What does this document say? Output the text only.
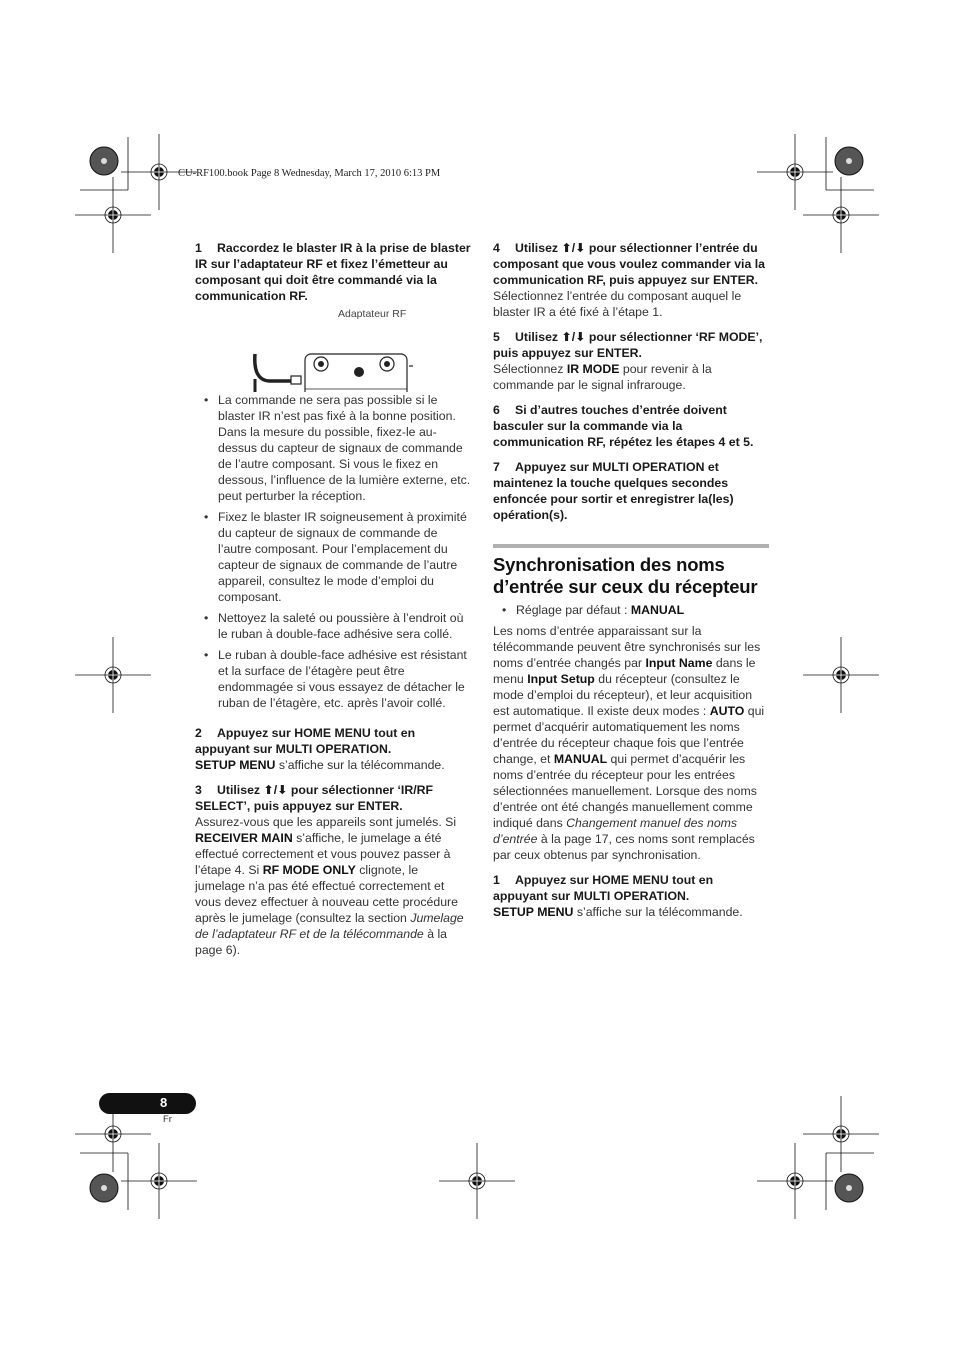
CU-RF100.book Page 8 Wednesday, March 17, 2010 6:13 PM

1 Raccordez le blaster IR à la prise de blaster IR sur l’adaptateur RF et fixez l’émetteur au composant qui doit être commandé via la communication RF.

Adaptateur RF
• La commande ne sera pas possible si le blaster IR n’est pas fixé à la bonne position. Dans la mesure du possible, fixez-le au-dessus du capteur de signaux de commande de l’autre composant. Si vous le fixez en dessous, l’influence de la lumière externe, etc. peut perturber la réception.
• Fixez le blaster IR soigneusement à proximité du capteur de signaux de commande de l’autre composant. Pour l’emplacement du capteur de signaux de commande de l’autre appareil, consultez le mode d’emploi du composant.
• Nettoyez la saleté ou poussière à l’endroit où le ruban à double-face adhésive sera collé.
• Le ruban à double-face adhésive est résistant et la surface de l’étagère peut être endommagée si vous essayez de détacher le ruban de l’étagère, etc. après l’avoir collé.

2 Appuyez sur HOME MENU tout en appuyant sur MULTI OPERATION.

SETUP MENU s’affiche sur la télécommande.

3 Utilisez ⬆/⬇ pour sélectionner ‘IR/RF SELECT’, puis appuyez sur ENTER.

Assurez-vous que les appareils sont jumelés. Si RECEIVER MAIN s’affiche, le jumelage a été effectué correctement et vous pouvez passer à l’étape 4. Si RF MODE ONLY clignote, le jumelage n’a pas été effectué correctement et vous devez effectuer à nouveau cette procédure après le jumelage (consultez la section Jumelage de l’adaptateur RF et de la télécommande à la page 6).

4 Utilisez ⬆/⬇ pour sélectionner l’entrée du composant que vous voulez commander via la communication RF, puis appuyez sur ENTER.

Sélectionnez l’entrée du composant auquel le blaster IR a été fixé à l’étape 1.

5 Utilisez ⬆/⬇ pour sélectionner ‘RF MODE’, puis appuyez sur ENTER.

Sélectionnez IR MODE pour revenir à la commande par le signal infrarouge.

6 Si d’autres touches d’entrée doivent basculer sur la commande via la communication RF, répétez les étapes 4 et 5.

7 Appuyez sur MULTI OPERATION et maintenez la touche quelques secondes enfoncée pour sortir et enregistrer la(les) opération(s).

Synchronisation des noms d’entrée sur ceux du récepteur
• Réglage par défaut : MANUAL

Les noms d’entrée apparaissant sur la télécommande peuvent être synchronisés sur les noms d’entrée changés par Input Name dans le menu Input Setup du récepteur (consultez le mode d’emploi du récepteur), et leur acquisition est automatique. Il existe deux modes : AUTO qui permet d’acquérir automatiquement les noms d’entrée du récepteur chaque fois que l’entrée change, et MANUAL qui permet d’acquérir les noms d’entrée du récepteur pour les entrées sélectionnées manuellement. Lorsque des noms d’entrée ont été changés manuellement comme indiqué dans Changement manuel des noms d’entrée à la page 17, ces noms sont remplacés par ceux obtenus par synchronisation.

1 Appuyez sur HOME MENU tout en appuyant sur MULTI OPERATION.

SETUP MENU s’affiche sur la télécommande.

8
Fr
